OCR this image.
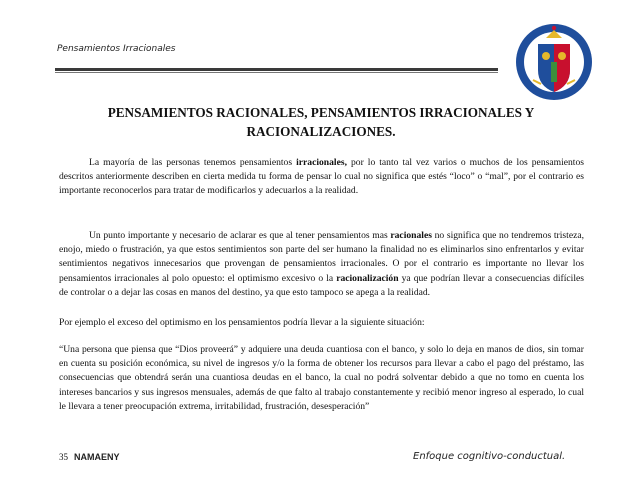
Pensamientos Irracionales
PENSAMIENTOS RACIONALES, PENSAMIENTOS IRRACIONALES Y RACIONALIZACIONES.

La mayoría de las personas tenemos pensamientos irracionales, por lo tanto tal vez varios o muchos de los pensamientos descritos anteriormente describen en cierta medida tu forma de pensar lo cual no significa que estés “loco” o “mal”, por el contrario es importante reconocerlos para tratar de modificarlos y adecuarlos a la realidad.

Un punto importante y necesario de aclarar es que al tener pensamientos mas racionales no significa que no tendremos tristeza, enojo, miedo o frustración, ya que estos sentimientos son parte del ser humano la finalidad no es eliminarlos sino enfrentarlos y evitar sentimientos negativos innecesarios que provengan de pensamientos irracionales. O por el contrario es importante no llevar los pensamientos irracionales al polo opuesto: el optimismo excesivo o la racionalización ya que podrían llevar a consecuencias difíciles de controlar o a dejar las cosas en manos del destino, ya que esto tampoco se apega a la realidad.

Por ejemplo el exceso del optimismo en los pensamientos podría llevar a la siguiente situación:

“Una persona que piensa que “Dios proveerá” y adquiere una deuda cuantiosa con el banco, y solo lo deja en manos de dios, sin tomar en cuenta su posición económica, su nivel de ingresos y/o la forma de obtener los recursos para llevar a cabo el pago del préstamo, las consecuencias que obtendrá serán una cuantiosa deudas en el banco, la cual no podrá solventar debido a que no tomo en cuenta los intereses bancarios y sus ingresos mensuales, además de que falto al trabajo constantemente y recibió menor ingreso al esperado, lo cual le llevara a tener preocupación extrema, irritabilidad, frustración, desesperación”

35 NAMAENY	Enfoque cognitivo-conductual.
